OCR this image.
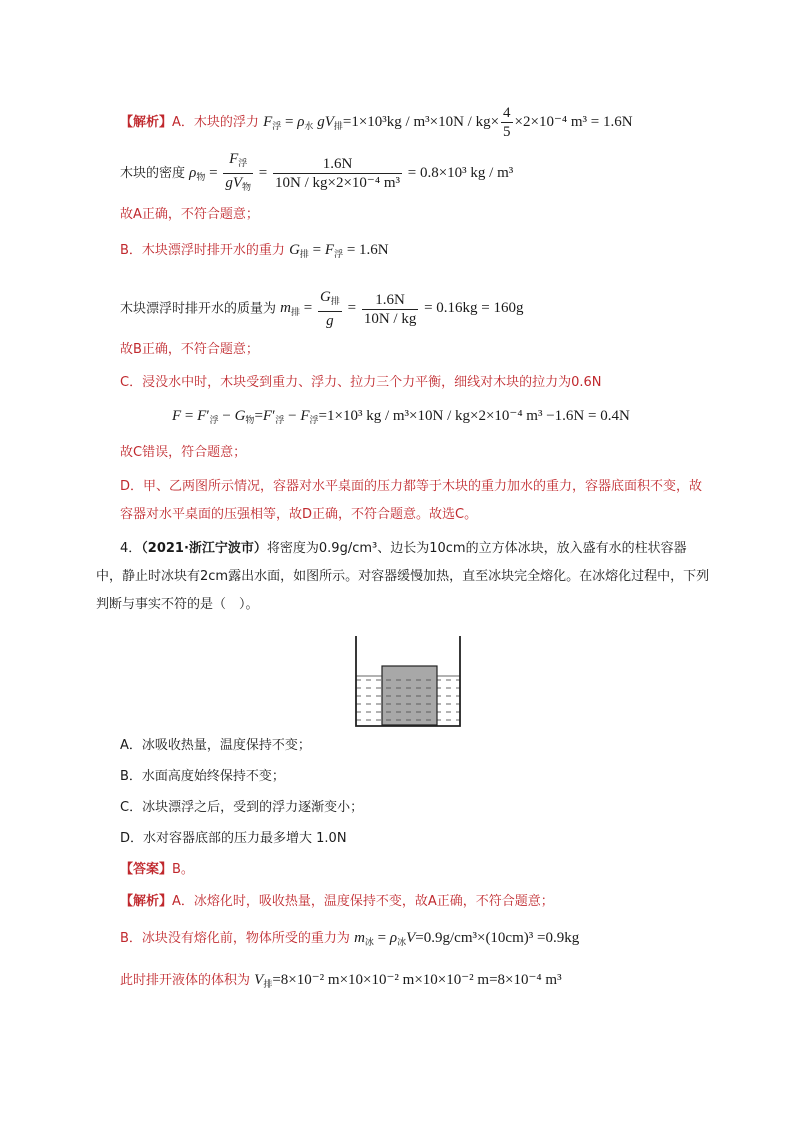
【解析】A．木块的浮力 $F_浮 = \rho_水$ $gV_排=1\times 10^3kg / m^3\times 10N / kg\times \frac{4}{5} \times 2\times 10^{-4}$ m³ = 1.6N
木块的密度 $\rho_物 = \frac{F_浮}{gV_物} = \frac{1.6N}{\text{10N / kg×2×10⁻⁴ m³}} = 0.8\times 10^3$ kg / m³
故A正确，不符合题意；
B．木块漂浮时排开水的重力 $G_排 = F_浮 = 1.6N$
木块漂浮时排开水的质量为 $m_排 = \frac{G_排}{g} = \frac{1.6N}{10N / kg} = 0.16kg = 160g$
故B正确，不符合题意；
C．浸没水中时，木块受到重力、浮力、拉力三个力平衡，细线对木块的拉力为0.6N
$F = F'_浮 - G_物=F'_浮 - F_浮=1\times 10^3$ kg / m³×10N / kg×2×10⁻⁴ m³ −1.6N = 0.4N
故C错误，符合题意；
D．甲、乙两图所示情况，容器对水平桌面的压力都等于木块的重力加水的重力，容器底面积不变，故容器对水平桌面的压强相等，故D正确，不符合题意。故选C。
4．（2021·浙江宁波市）将密度为0.9g/cm³、边长为10cm的立方体冰块，放入盛有水的柱状容器中，静止时冰块有2cm露出水面，如图所示。对容器缓慢加热，直至冰块完全熔化。在冰熔化过程中，下列判断与事实不符的是（　）。
A．冰吸收热量，温度保持不变；
B．水面高度始终保持不变；
C．冰块漂浮之后，受到的浮力逐渐变小；
D．水对容器底部的压力最多增大 1.0N
【答案】B。
【解析】A．冰熔化时，吸收热量，温度保持不变，故A正确，不符合题意；
B．冰块没有熔化前，物体所受的重力为 $m_冰 = \rho_冰V=0.9g/cm^3\times(10cm)^3 =0.9kg$
此时排开液体的体积为 $V_排=8\times 10^{-2}$ m×10×10⁻² m×10×10⁻² m=8×10⁻⁴ m³
